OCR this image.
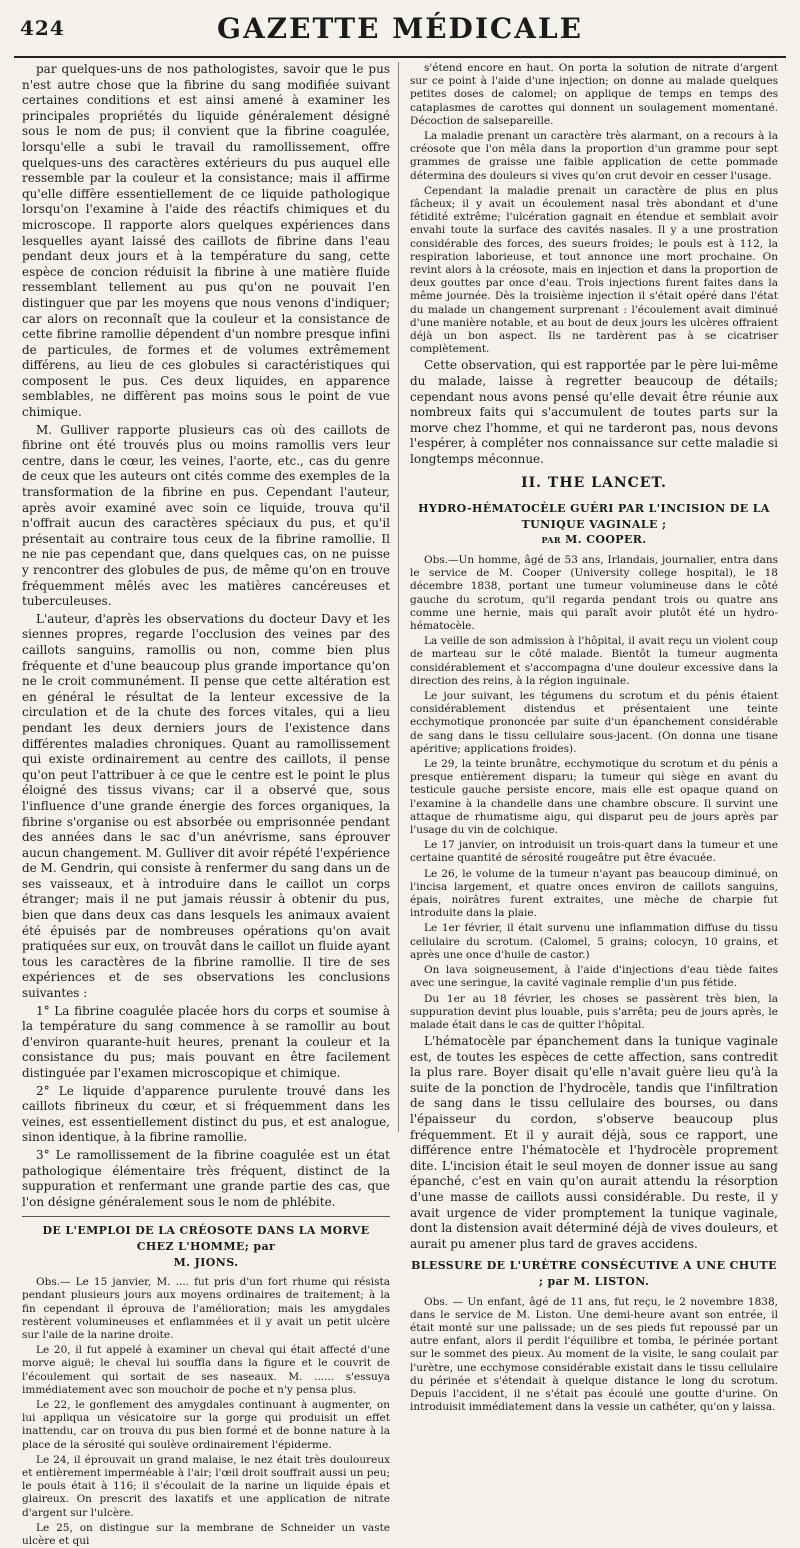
424	GAZETTE MÉDICALE

par quelques-uns de nos pathologistes, savoir que le pus n'est autre chose que la fibrine du sang modifiée suivant certaines conditions et est ainsi amené à examiner les principales propriétés du liquide généralement désigné sous le nom de pus; il convient que la fibrine coagulée, lorsqu'elle a subi le travail du ramollissement, offre quelques-uns des caractères extérieurs du pus auquel elle ressemble par la couleur et la consistance; mais il affirme qu'elle diffère essentiellement de ce liquide pathologique lorsqu'on l'examine à l'aide des réactifs chimiques et du microscope. Il rapporte alors quelques expériences dans lesquelles ayant laissé des caillots de fibrine dans l'eau pendant deux jours et à la température du sang, cette espèce de concion réduisit la fibrine à une matière fluide ressemblant tellement au pus qu'on ne pouvait l'en distinguer que par les moyens que nous venons d'indiquer; car alors on reconnaît que la couleur et la consistance de cette fibrine ramollie dépendent d'un nombre presque infini de particules, de formes et de volumes extrêmement différens, au lieu de ces globules si caractéristiques qui composent le pus. Ces deux liquides, en apparence semblables, ne diffèrent pas moins sous le point de vue chimique.

M. Gulliver rapporte plusieurs cas où des caillots de fibrine ont été trouvés plus ou moins ramollis vers leur centre, dans le cœur, les veines, l'aorte, etc., cas du genre de ceux que les auteurs ont cités comme des exemples de la transformation de la fibrine en pus. Cependant l'auteur, après avoir examiné avec soin ce liquide, trouva qu'il n'offrait aucun des caractères spéciaux du pus, et qu'il présentait au contraire tous ceux de la fibrine ramollie. Il ne nie pas cependant que, dans quelques cas, on ne puisse y rencontrer des globules de pus, de même qu'on en trouve fréquemment mêlés avec les matières cancéreuses et tuberculeuses.

L'auteur, d'après les observations du docteur Davy et les siennes propres, regarde l'occlusion des veines par des caillots sanguins, ramollis ou non, comme bien plus fréquente et d'une beaucoup plus grande importance qu'on ne le croit communément. Il pense que cette altération est en général le résultat de la lenteur excessive de la circulation et de la chute des forces vitales, qui a lieu pendant les deux derniers jours de l'existence dans différentes maladies chroniques. Quant au ramollissement qui existe ordinairement au centre des caillots, il pense qu'on peut l'attribuer à ce que le centre est le point le plus éloigné des tissus vivans; car il a observé que, sous l'influence d'une grande énergie des forces organiques, la fibrine s'organise ou est absorbée ou emprisonnée pendant des années dans le sac d'un anévrisme, sans éprouver aucun changement. M. Gulliver dit avoir répété l'expérience de M. Gendrin, qui consiste à renfermer du sang dans un de ses vaisseaux, et à introduire dans le caillot un corps étranger; mais il ne put jamais réussir à obtenir du pus, bien que dans deux cas dans lesquels les animaux avaient été épuisés par de nombreuses opérations qu'on avait pratiquées sur eux, on trouvât dans le caillot un fluide ayant tous les caractères de la fibrine ramollie. Il tire de ses expériences et de ses observations les conclusions suivantes :

1° La fibrine coagulée placée hors du corps et soumise à la température du sang commence à se ramollir au bout d'environ quarante-huit heures, prenant la couleur et la consistance du pus; mais pouvant en être facilement distinguée par l'examen microscopique et chimique.

2° Le liquide d'apparence purulente trouvé dans les caillots fibrineux du cœur, et si fréquemment dans les veines, est essentiellement distinct du pus, et est analogue, sinon identique, à la fibrine ramollie.

3° Le ramollissement de la fibrine coagulée est un état pathologique élémentaire très fréquent, distinct de la suppuration et renfermant une grande partie des cas, que l'on désigne généralement sous le nom de phlébite.

DE L'EMPLOI DE LA CRÉOSOTE DANS LA MORVE CHEZ L'HOMME; par
M. JIONS.

Obs.— Le 15 janvier, M. .... fut pris d'un fort rhume qui résista pendant plusieurs jours aux moyens ordinaires de traitement; à la fin cependant il éprouva de l'amélioration; mais les amygdales restèrent volumineuses et enflammées et il y avait un petit ulcère sur l'aile de la narine droite.

Le 20, il fut appelé à examiner un cheval qui était affecté d'une morve aiguë; le cheval lui souffla dans la figure et le couvrit de l'écoulement qui sortait de ses naseaux. M. ...... s'essuya immédiatement avec son mouchoir de poche et n'y pensa plus.

Le 22, le gonflement des amygdales continuant à augmenter, on lui appliqua un vésicatoire sur la gorge qui produisit un effet inattendu, car on trouva du pus bien formé et de bonne nature à la place de la sérosité qui soulève ordinairement l'épiderme.

Le 24, il éprouvait un grand malaise, le nez était très douloureux et entièrement imperméable à l'air; l'œil droit souffrait aussi un peu; le pouls était à 116; il s'écoulait de la narine un liquide épais et glaireux. On prescrit des laxatifs et une application de nitrate d'argent sur l'ulcère.

Le 25, on distingue sur la membrane de Schneider un vaste ulcère et qui

s'étend encore en haut. On porta la solution de nitrate d'argent sur ce point à l'aide d'une injection; on donne au malade quelques petites doses de calomel; on applique de temps en temps des cataplasmes de carottes qui donnent un soulagement momentané. Décoction de salsepareille.

La maladie prenant un caractère très alarmant, on a recours à la créosote que l'on mêla dans la proportion d'un gramme pour sept grammes de graisse une faible application de cette pommade détermina des douleurs si vives qu'on crut devoir en cesser l'usage.

Cependant la maladie prenait un caractère de plus en plus fâcheux; il y avait un écoulement nasal très abondant et d'une fétidité extrême; l'ulcération gagnait en étendue et semblait avoir envahi toute la surface des cavités nasales. Il y a une prostration considérable des forces, des sueurs froides; le pouls est à 112, la respiration laborieuse, et tout annonce une mort prochaine. On revint alors à la créosote, mais en injection et dans la proportion de deux gouttes par once d'eau. Trois injections furent faites dans la même journée. Dès la troisième injection il s'était opéré dans l'état du malade un changement surprenant : l'écoulement avait diminué d'une manière notable, et au bout de deux jours les ulcères offraient déjà un bon aspect. Ils ne tardèrent pas à se cicatriser complètement.

Cette observation, qui est rapportée par le père lui-même du malade, laisse à regretter beaucoup de détails; cependant nous avons pensé qu'elle devait être réunie aux nombreux faits qui s'accumulent de toutes parts sur la morve chez l'homme, et qui ne tarderont pas, nous devons l'espérer, à compléter nos connaissance sur cette maladie si longtemps méconnue.

II. THE LANCET.
HYDRO-HÉMATOCÈLE GUÉRI PAR L'INCISION DE LA TUNIQUE VAGINALE ;
par M. COOPER.

Obs.—Un homme, âgé de 53 ans, Irlandais, journalier, entra dans le service de M. Cooper (University college hospital), le 18 décembre 1838, portant une tumeur volumineuse dans le côté gauche du scrotum, qu'il regarda pendant trois ou quatre ans comme une hernie, mais qui paraît avoir plutôt été un hydro-hématocèle.

La veille de son admission à l'hôpital, il avait reçu un violent coup de marteau sur le côté malade. Bientôt la tumeur augmenta considérablement et s'accompagna d'une douleur excessive dans la direction des reins, à la région inguinale.

Le jour suivant, les tégumens du scrotum et du pénis étaient considérablement distendus et présentaient une teinte ecchymotique prononcée par suite d'un épanchement considérable de sang dans le tissu cellulaire sous-jacent. (On donna une tisane apéritive; applications froides).

Le 29, la teinte brunâtre, ecchymotique du scrotum et du pénis a presque entièrement disparu; la tumeur qui siège en avant du testicule gauche persiste encore, mais elle est opaque quand on l'examine à la chandelle dans une chambre obscure. Il survint une attaque de rhumatisme aigu, qui disparut peu de jours après par l'usage du vin de colchique.

Le 17 janvier, on introduisit un trois-quart dans la tumeur et une certaine quantité de sérosité rougeâtre put être évacuée.

Le 26, le volume de la tumeur n'ayant pas beaucoup diminué, on l'incisa largement, et quatre onces environ de caillots sanguins, épais, noirâtres furent extraites, une mèche de charpie fut introduite dans la plaie.

Le 1er février, il était survenu une inflammation diffuse du tissu cellulaire du scrotum. (Calomel, 5 grains; colocyn, 10 grains, et après une once d'huile de castor.)

On lava soigneusement, à l'aide d'injections d'eau tiède faites avec une seringue, la cavité vaginale remplie d'un pus fétide.

Du 1er au 18 février, les choses se passèrent très bien, la suppuration devint plus louable, puis s'arrêta; peu de jours après, le malade était dans le cas de quitter l'hôpital.

L'hématocèle par épanchement dans la tunique vaginale est, de toutes les espèces de cette affection, sans contredit la plus rare. Boyer disait qu'elle n'avait guère lieu qu'à la suite de la ponction de l'hydrocèle, tandis que l'infiltration de sang dans le tissu cellulaire des bourses, ou dans l'épaisseur du cordon, s'observe beaucoup plus fréquemment. Et il y aurait déjà, sous ce rapport, une différence entre l'hématocèle et l'hydrocèle proprement dite. L'incision était le seul moyen de donner issue au sang épanché, c'est en vain qu'on aurait attendu la résorption d'une masse de caillots aussi considérable. Du reste, il y avait urgence de vider promptement la tunique vaginale, dont la distension avait déterminé déjà de vives douleurs, et aurait pu amener plus tard de graves accidens.

BLESSURE DE L'URÈTRE CONSÉCUTIVE A UNE CHUTE ; par M. LISTON.

Obs. — Un enfant, âgé de 11 ans, fut reçu, le 2 novembre 1838, dans le service de M. Liston. Une demi-heure avant son entrée, il était monté sur une palissade; un de ses pieds fut repoussé par un autre enfant, alors il perdit l'équilibre et tomba, le périnée portant sur le sommet des pieux. Au moment de la visite, le sang coulait par l'urètre, une ecchymose considérable existait dans le tissu cellulaire du périnée et s'étendait à quelque distance le long du scrotum. Depuis l'accident, il ne s'était pas écoulé une goutte d'urine. On introduisit immédiatement dans la vessie un cathéter, qu'on y laissa.
